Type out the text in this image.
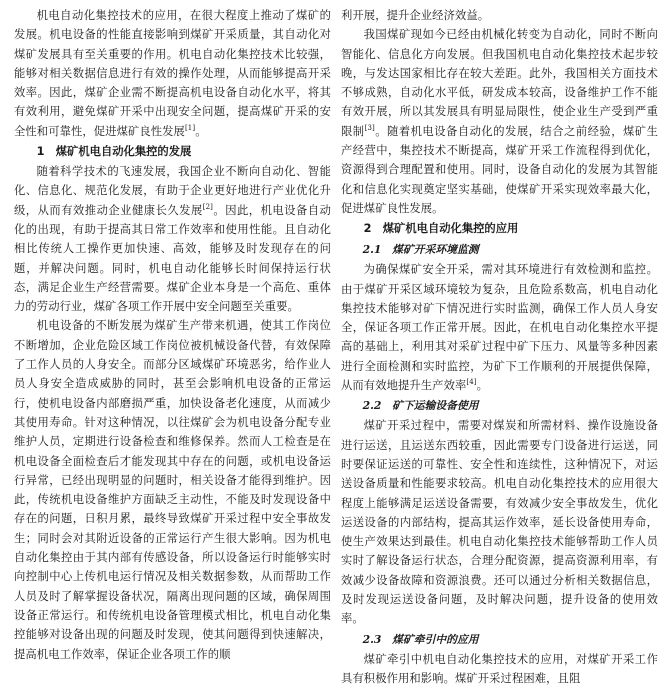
机电自动化集控技术的应用，在很大程度上推动了煤矿的发展。机电设备的性能直接影响到煤矿开采质量，其自动化对煤矿发展具有至关重要的作用。机电自动化集控技术比较强，能够对相关数据信息进行有效的操作处理，从而能够提高开采效率。因此，煤矿企业需不断提高机电设备自动化水平，将其有效利用，避免煤矿开采中出现安全问题，提高煤矿开采的安全性和可靠性，促进煤矿良性发展[1]。

1　煤矿机电自动化集控的发展

随着科学技术的飞速发展，我国企业不断向自动化、智能化、信息化、规范化发展，有助于企业更好地进行产业优化升级，从而有效推动企业健康长久发展[2]。因此，机电设备自动化的出现，有助于提高其日常工作效率和使用性能。且自动化相比传统人工操作更加快速、高效，能够及时发现存在的问题，并解决问题。同时，机电自动化能够长时间保持运行状态，满足企业生产经营需要。煤矿企业本身是一个高危、重体力的劳动行业，煤矿各项工作开展中安全问题至关重要。

机电设备的不断发展为煤矿生产带来机遇，使其工作岗位不断增加，企业危险区域工作岗位被机械设备代替，有效保障了工作人员的人身安全。而部分区域煤矿环境恶劣，给作业人员人身安全造成威胁的同时，甚至会影响机电设备的正常运行，使机电设备内部磨损严重，加快设备老化速度，从而减少其使用寿命。针对这种情况，以往煤矿会为机电设备分配专业维护人员，定期进行设备检查和维修保养。然而人工检查是在机电设备全面检查后才能发现其中存在的问题，或机电设备运行异常，已经出现明显的问题时，相关设备才能得到维护。因此，传统机电设备维护方面缺乏主动性，不能及时发现设备中存在的问题，日积月累，最终导致煤矿开采过程中安全事故发生；同时会对其附近设备的正常运行产生很大影响。因为机电自动化集控由于其内部有传感设备，所以设备运行时能够实时向控制中心上传机电运行情况及相关数据参数，从而帮助工作人员及时了解掌握设备状况，隔离出现问题的区域，确保周围设备正常运行。和传统机电设备管理模式相比，机电自动化集控能够对设备出现的问题及时发现，使其问题得到快速解决，提高机电工作效率，保证企业各项工作的顺

利开展，提升企业经济效益。

我国煤矿现如今已经由机械化转变为自动化，同时不断向智能化、信息化方向发展。但我国机电自动化集控技术起步较晚，与发达国家相比存在较大差距。此外，我国相关方面技术不够成熟，自动化水平低，研发成本较高，设备维护工作不能有效开展，所以其发展具有明显局限性，使企业生产受到严重限制[3]。随着机电设备自动化的发展，结合之前经验，煤矿生产经营中，集控技术不断提高，煤矿开采工作流程得到优化，资源得到合理配置和使用。同时，设备自动化的发展为其智能化和信息化实现奠定坚实基础，使煤矿开采实现效率最大化，促进煤矿良性发展。

2　煤矿机电自动化集控的应用

2.1　煤矿开采环境监测

为确保煤矿安全开采，需对其环境进行有效检测和监控。由于煤矿开采区域环境较为复杂，且危险系数高，机电自动化集控技术能够对矿下情况进行实时监测，确保工作人员人身安全，保证各项工作正常开展。因此，在机电自动化集控水平提高的基础上，利用其对采矿过程中矿下压力、风量等多种因素进行全面检测和实时监控，为矿下工作顺利的开展提供保障，从而有效地提升生产效率[4]。

2.2　矿下运输设备使用

煤矿开采过程中，需要对煤炭和所需材料、操作设施设备进行运送，且运送东西较重，因此需要专门设备进行运送，同时要保证运送的可靠性、安全性和连续性，这种情况下，对运送设备质量和性能要求较高。机电自动化集控技术的应用很大程度上能够满足运送设备需要，有效减少安全事故发生，优化运送设备的内部结构，提高其运作效率，延长设备使用寿命，使生产效果达到最佳。机电自动化集控技术能够帮助工作人员实时了解设备运行状态，合理分配资源，提高资源利用率，有效减少设备故障和资源浪费。还可以通过分析相关数据信息，及时发现运送设备问题，及时解决问题，提升设备的使用效率。

2.3　煤矿牵引中的应用

煤矿牵引中机电自动化集控技术的应用，对煤矿开采工作具有积极作用和影响。煤矿开采过程困难，且阻
